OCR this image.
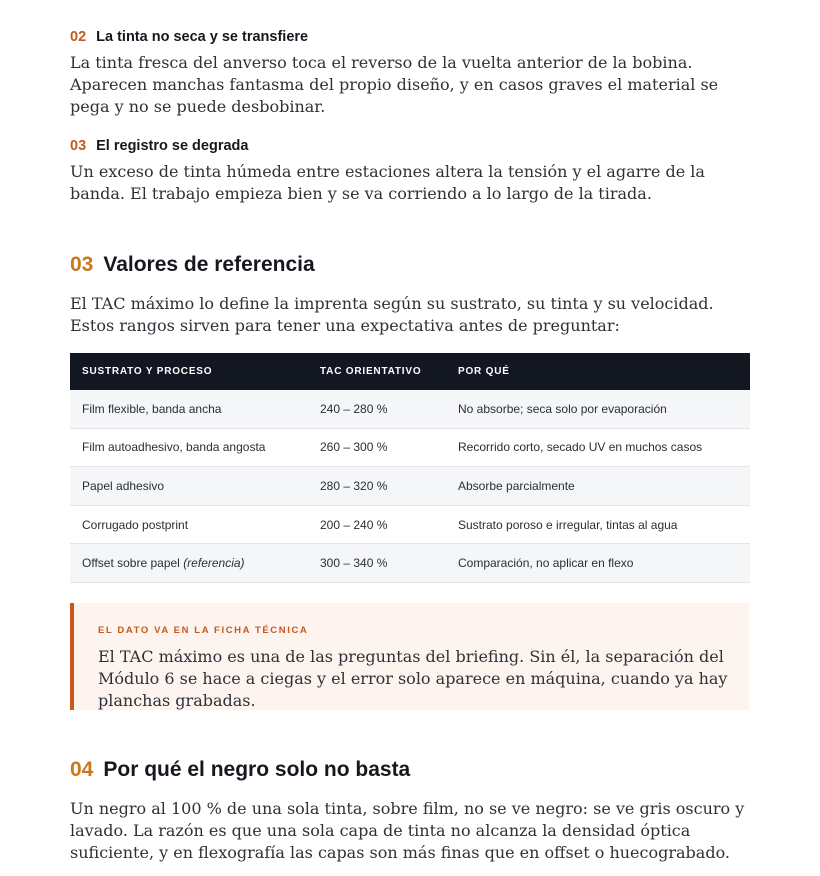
02 La tinta no seca y se transfiere
La tinta fresca del anverso toca el reverso de la vuelta anterior de la bobina. Aparecen manchas fantasma del propio diseño, y en casos graves el material se pega y no se puede desbobinar.
03 El registro se degrada
Un exceso de tinta húmeda entre estaciones altera la tensión y el agarre de la banda. El trabajo empieza bien y se va corriendo a lo largo de la tirada.
03 Valores de referencia
El TAC máximo lo define la imprenta según su sustrato, su tinta y su velocidad. Estos rangos sirven para tener una expectativa antes de preguntar:
SUSTRATO Y PROCESO	TAC ORIENTATIVO	POR QUÉ
Film flexible, banda ancha	240 – 280 %	No absorbe; seca solo por evaporación
Film autoadhesivo, banda angosta	260 – 300 %	Recorrido corto, secado UV en muchos casos
Papel adhesivo	280 – 320 %	Absorbe parcialmente
Corrugado postprint	200 – 240 %	Sustrato poroso e irregular, tintas al agua
Offset sobre papel (referencia)	300 – 340 %	Comparación, no aplicar en flexo
EL DATO VA EN LA FICHA TÉCNICA
El TAC máximo es una de las preguntas del briefing. Sin él, la separación del Módulo 6 se hace a ciegas y el error solo aparece en máquina, cuando ya hay planchas grabadas.
04 Por qué el negro solo no basta
Un negro al 100 % de una sola tinta, sobre film, no se ve negro: se ve gris oscuro y lavado. La razón es que una sola capa de tinta no alcanza la densidad óptica suficiente, y en flexografía las capas son más finas que en offset o huecograbado.
